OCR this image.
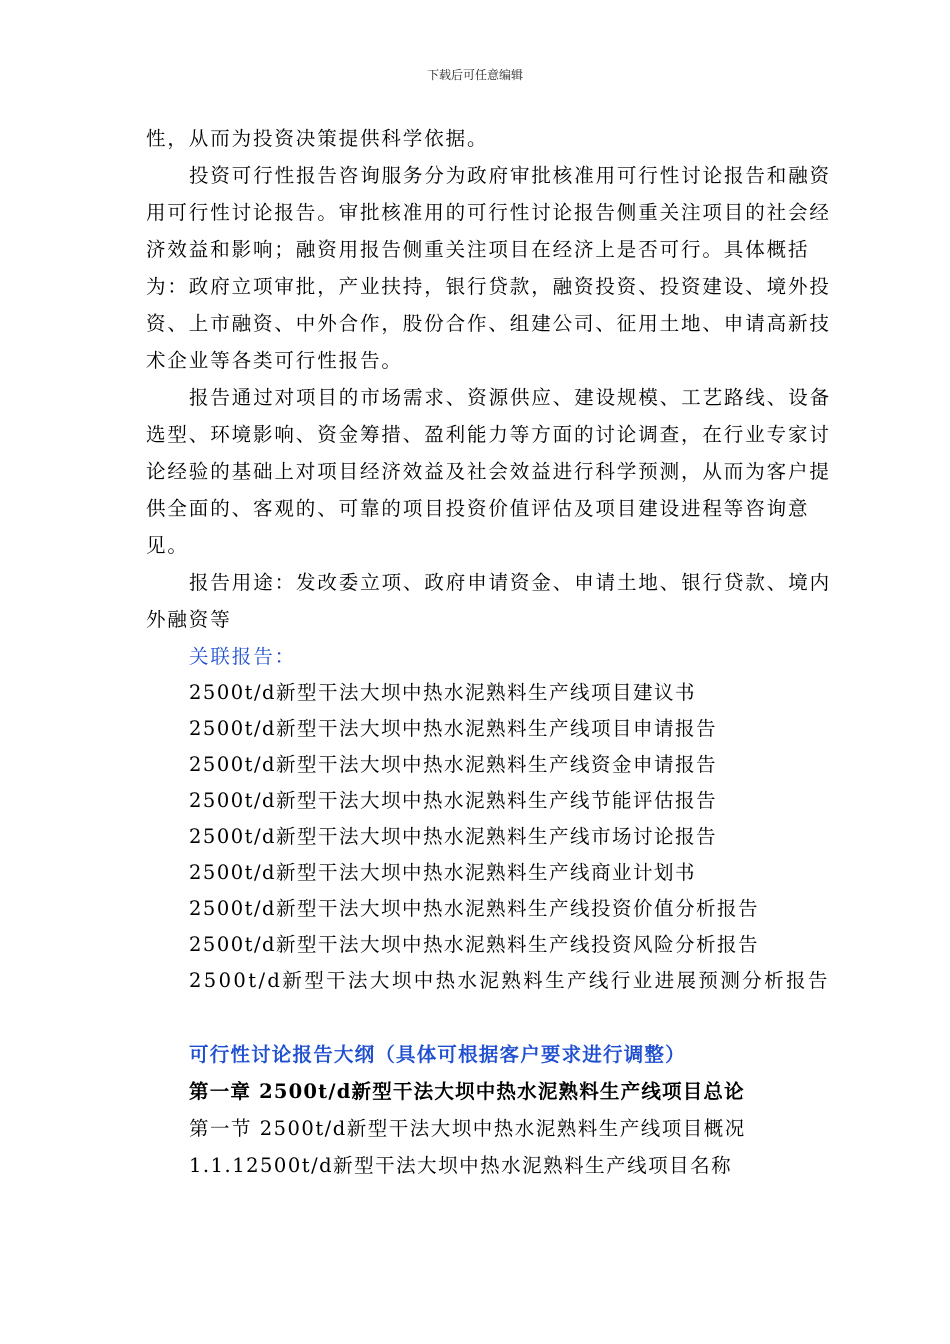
下载后可任意编辑

性，从而为投资决策提供科学依据。

投资可行性报告咨询服务分为政府审批核准用可行性讨论报告和融资用可行性讨论报告。审批核准用的可行性讨论报告侧重关注项目的社会经济效益和影响；融资用报告侧重关注项目在经济上是否可行。具体概括为：政府立项审批，产业扶持，银行贷款，融资投资、投资建设、境外投资、上市融资、中外合作，股份合作、组建公司、征用土地、申请高新技术企业等各类可行性报告。

报告通过对项目的市场需求、资源供应、建设规模、工艺路线、设备选型、环境影响、资金筹措、盈利能力等方面的讨论调查，在行业专家讨论经验的基础上对项目经济效益及社会效益进行科学预测，从而为客户提供全面的、客观的、可靠的项目投资价值评估及项目建设进程等咨询意见。

报告用途：发改委立项、政府申请资金、申请土地、银行贷款、境内外融资等

关联报告：

2500t/d新型干法大坝中热水泥熟料生产线项目建议书

2500t/d新型干法大坝中热水泥熟料生产线项目申请报告

2500t/d新型干法大坝中热水泥熟料生产线资金申请报告

2500t/d新型干法大坝中热水泥熟料生产线节能评估报告

2500t/d新型干法大坝中热水泥熟料生产线市场讨论报告

2500t/d新型干法大坝中热水泥熟料生产线商业计划书

2500t/d新型干法大坝中热水泥熟料生产线投资价值分析报告

2500t/d新型干法大坝中热水泥熟料生产线投资风险分析报告

2500t/d新型干法大坝中热水泥熟料生产线行业进展预测分析报告

可行性讨论报告大纲（具体可根据客户要求进行调整）

第一章 2500t/d新型干法大坝中热水泥熟料生产线项目总论

第一节 2500t/d新型干法大坝中热水泥熟料生产线项目概况

1.1.12500t/d新型干法大坝中热水泥熟料生产线项目名称
